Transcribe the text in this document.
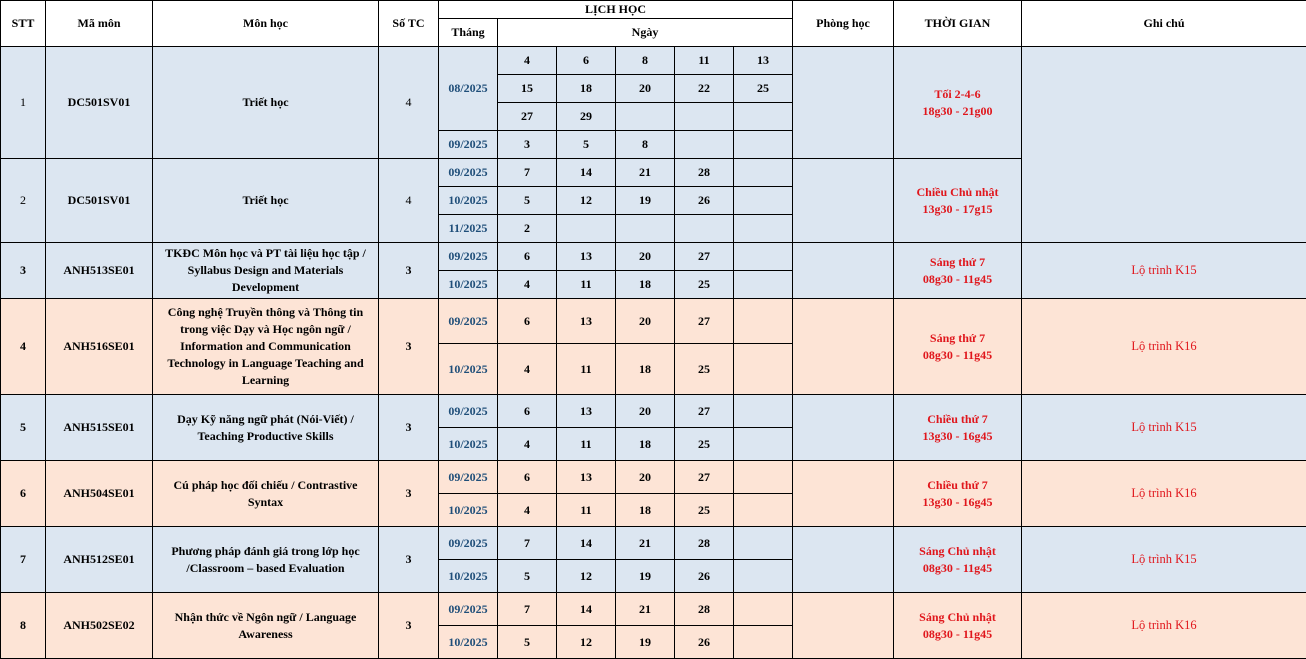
STT	Mã môn	Môn học	Số TC	LỊCH HỌC						Phòng học	THỜI GIAN	Ghi chú
				Tháng	Ngày							
1	DC501SV01	Triết học	4	08/2025	4	6	8	11	13		Tối 2-4-6
18g30 - 21g00	

					15	18	20	22	25			
					27	29						
				09/2025	3	5	8					
2	DC501SV01	Triết học	4	09/2025	7	14	21	28			Chiều Chủ nhật
13g30 - 17g15	

				10/2025	5	12	19	26				
				11/2025	2							
3	ANH513SE01	TKĐC Môn học và PT tài liệu học tập / Syllabus Design and Materials Development	3	09/2025	6	13	20	27			Sáng thứ 7
08g30 - 11g45	Lộ trình K15
				10/2025	4	11	18	25				
4	ANH516SE01	Công nghệ Truyền thông và Thông tin trong việc Dạy và Học ngôn ngữ / Information and Communication Technology in Language Teaching and Learning	3	09/2025	6	13	20	27			Sáng thứ 7
08g30 - 11g45	Lộ trình K16
				10/2025	4	11	18	25				
5	ANH515SE01	Dạy Kỹ năng ngữ phát (Nói-Viết) / Teaching Productive Skills	3	09/2025	6	13	20	27			Chiều thứ 7
13g30 - 16g45	Lộ trình K15
				10/2025	4	11	18	25				
6	ANH504SE01	Cú pháp học đối chiếu / Contrastive Syntax	3	09/2025	6	13	20	27			Chiều thứ 7
13g30 - 16g45	Lộ trình K16
				10/2025	4	11	18	25				
7	ANH512SE01	Phương pháp đánh giá trong lớp học /Classroom – based Evaluation	3	09/2025	7	14	21	28			Sáng Chủ nhật
08g30 - 11g45	Lộ trình K15
				10/2025	5	12	19	26				
8	ANH502SE02	Nhận thức về Ngôn ngữ / Language Awareness	3	09/2025	7	14	21	28			Sáng Chủ nhật
08g30 - 11g45	Lộ trình K16
				10/2025	5	12	19	26				
